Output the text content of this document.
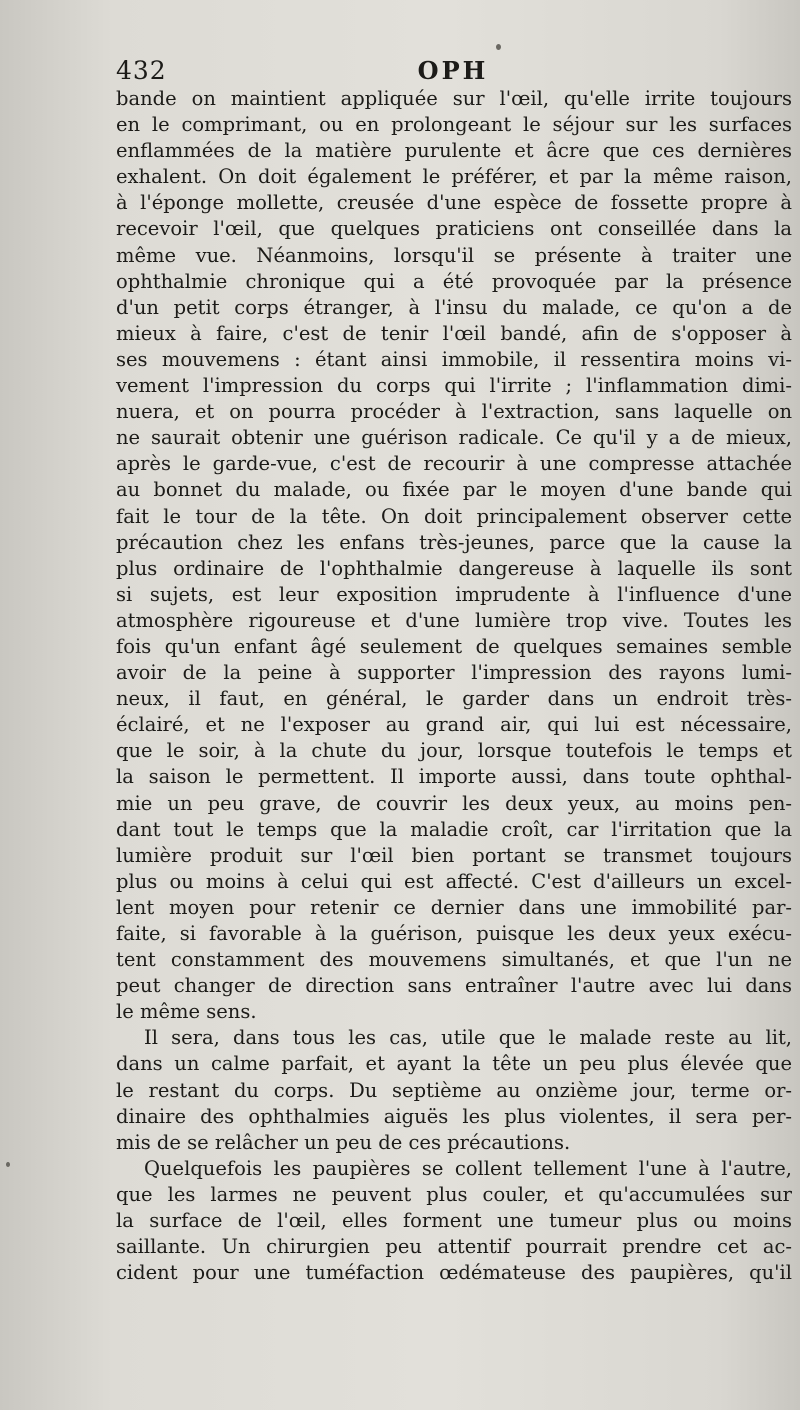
432	OPH
bande on maintient appliquée sur l'œil, qu'elle irrite toujours
en le comprimant, ou en prolongeant le séjour sur les surfaces
enflammées de la matière purulente et âcre que ces dernières
exhalent. On doit également le préférer, et par la même raison,
à l'éponge mollette, creusée d'une espèce de fossette propre à
recevoir l'œil, que quelques praticiens ont conseillée dans la
même vue. Néanmoins, lorsqu'il se présente à traiter une
ophthalmie chronique qui a été provoquée par la présence
d'un petit corps étranger, à l'insu du malade, ce qu'on a de
mieux à faire, c'est de tenir l'œil bandé, afin de s'opposer à
ses mouvemens : étant ainsi immobile, il ressentira moins vi-
vement l'impression du corps qui l'irrite ; l'inflammation dimi-
nuera, et on pourra procéder à l'extraction, sans laquelle on
ne saurait obtenir une guérison radicale. Ce qu'il y a de mieux,
après le garde-vue, c'est de recourir à une compresse attachée
au bonnet du malade, ou fixée par le moyen d'une bande qui
fait le tour de la tête. On doit principalement observer cette
précaution chez les enfans très-jeunes, parce que la cause la
plus ordinaire de l'ophthalmie dangereuse à laquelle ils sont
si sujets, est leur exposition imprudente à l'influence d'une
atmosphère rigoureuse et d'une lumière trop vive. Toutes les
fois qu'un enfant âgé seulement de quelques semaines semble
avoir de la peine à supporter l'impression des rayons lumi-
neux, il faut, en général, le garder dans un endroit très-
éclairé, et ne l'exposer au grand air, qui lui est nécessaire,
que le soir, à la chute du jour, lorsque toutefois le temps et
la saison le permettent. Il importe aussi, dans toute ophthal-
mie un peu grave, de couvrir les deux yeux, au moins pen-
dant tout le temps que la maladie croît, car l'irritation que la
lumière produit sur l'œil bien portant se transmet toujours
plus ou moins à celui qui est affecté. C'est d'ailleurs un excel-
lent moyen pour retenir ce dernier dans une immobilité par-
faite, si favorable à la guérison, puisque les deux yeux exécu-
tent constamment des mouvemens simultanés, et que l'un ne
peut changer de direction sans entraîner l'autre avec lui dans
le même sens.
Il sera, dans tous les cas, utile que le malade reste au lit,
dans un calme parfait, et ayant la tête un peu plus élevée que
le restant du corps. Du septième au onzième jour, terme or-
dinaire des ophthalmies aiguës les plus violentes, il sera per-
mis de se relâcher un peu de ces précautions.
Quelquefois les paupières se collent tellement l'une à l'autre,
que les larmes ne peuvent plus couler, et qu'accumulées sur
la surface de l'œil, elles forment une tumeur plus ou moins
saillante. Un chirurgien peu attentif pourrait prendre cet ac-
cident pour une tuméfaction œdémateuse des paupières, qu'il
